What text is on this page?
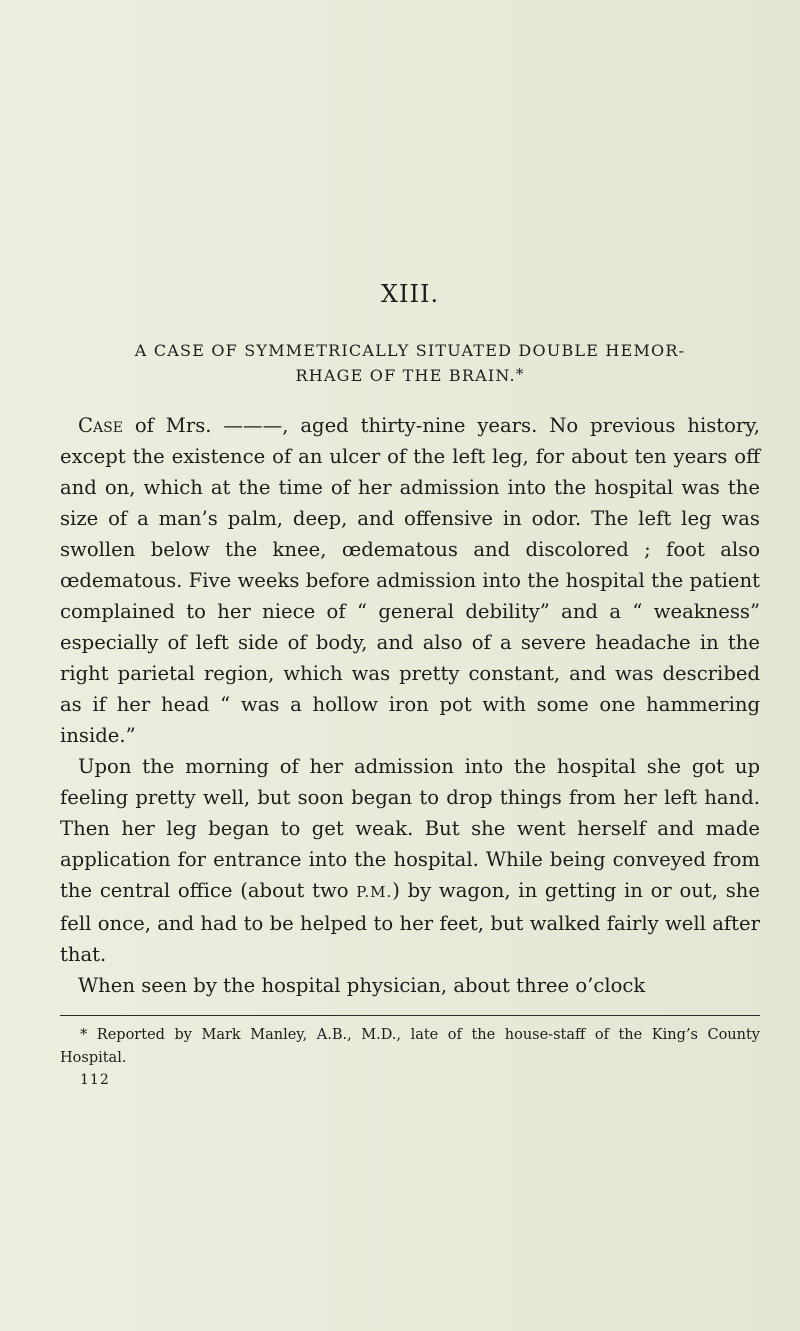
XIII.
A CASE OF SYMMETRICALLY SITUATED DOUBLE HEMOR-
RHAGE OF THE BRAIN.*

Case of Mrs. ———, aged thirty-nine years. No previous history, except the existence of an ulcer of the left leg, for about ten years off and on, which at the time of her admission into the hospital was the size of a man’s palm, deep, and offensive in odor. The left leg was swollen below the knee, œdematous and discolored ; foot also œdematous. Five weeks before admission into the hospital the patient complained to her niece of “ general debility” and a “ weakness” especially of left side of body, and also of a severe headache in the right parietal region, which was pretty constant, and was described as if her head “ was a hollow iron pot with some one hammering inside.”

Upon the morning of her admission into the hospital she got up feeling pretty well, but soon began to drop things from her left hand. Then her leg began to get weak. But she went herself and made application for entrance into the hospital. While being conveyed from the central office (about two P.M.) by wagon, in getting in or out, she fell once, and had to be helped to her feet, but walked fairly well after that.

When seen by the hospital physician, about three o’clock

* Reported by Mark Manley, A.B., M.D., late of the house-staff of the King’s County Hospital.

112
